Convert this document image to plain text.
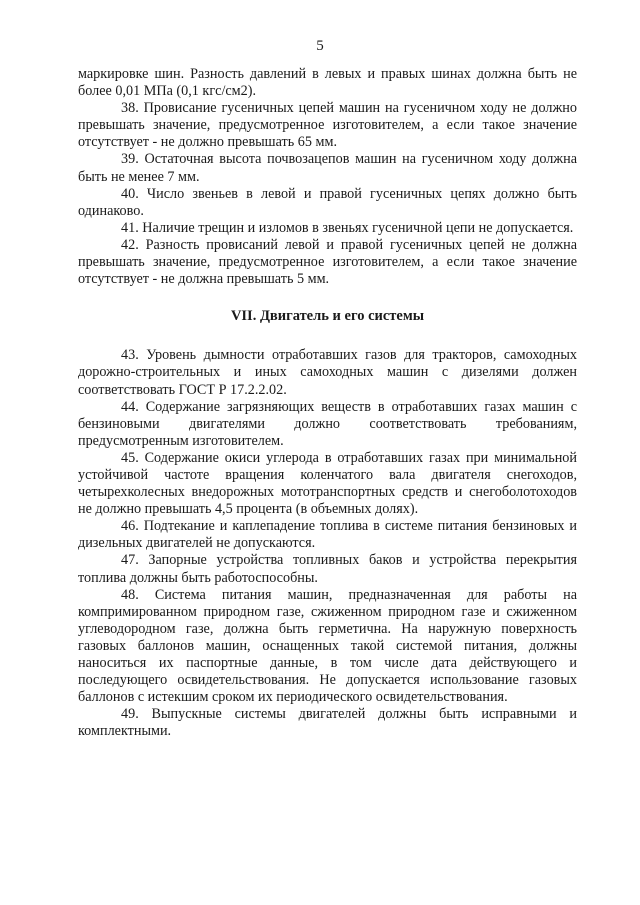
5

маркировке шин. Разность давлений в левых и правых шинах должна быть не более 0,01 МПа (0,1 кгс/см2).

38. Провисание гусеничных цепей машин на гусеничном ходу не должно превышать значение, предусмотренное изготовителем, а если такое значение отсутствует - не должно превышать 65 мм.

39. Остаточная высота почвозацепов машин на гусеничном ходу должна быть не менее 7 мм.

40. Число звеньев в левой и правой гусеничных цепях должно быть одинаково.

41. Наличие трещин и изломов в звеньях гусеничной цепи не допускается.

42. Разность провисаний левой и правой гусеничных цепей не должна превышать значение, предусмотренное изготовителем, а если такое значение отсутствует - не должна превышать 5 мм.

VII. Двигатель и его системы

43. Уровень дымности отработавших газов для тракторов, самоходных дорожно-строительных и иных самоходных машин с дизелями должен соответствовать ГОСТ Р 17.2.2.02.

44. Содержание загрязняющих веществ в отработавших газах машин с бензиновыми двигателями должно соответствовать требованиям, предусмотренным изготовителем.

45. Содержание окиси углерода в отработавших газах при минимальной устойчивой частоте вращения коленчатого вала двигателя снегоходов, четырехколесных внедорожных мототранспортных средств и снегоболотоходов не должно превышать 4,5 процента (в объемных долях).

46. Подтекание и каплепадение топлива в системе питания бензиновых и дизельных двигателей не допускаются.

47. Запорные устройства топливных баков и устройства перекрытия топлива должны быть работоспособны.

48. Система питания машин, предназначенная для работы на компримированном природном газе, сжиженном природном газе и сжиженном углеводородном газе, должна быть герметична. На наружную поверхность газовых баллонов машин, оснащенных такой системой питания, должны наноситься их паспортные данные, в том числе дата действующего и последующего освидетельствования. Не допускается использование газовых баллонов с истекшим сроком их периодического освидетельствования.

49. Выпускные системы двигателей должны быть исправными и комплектными.
